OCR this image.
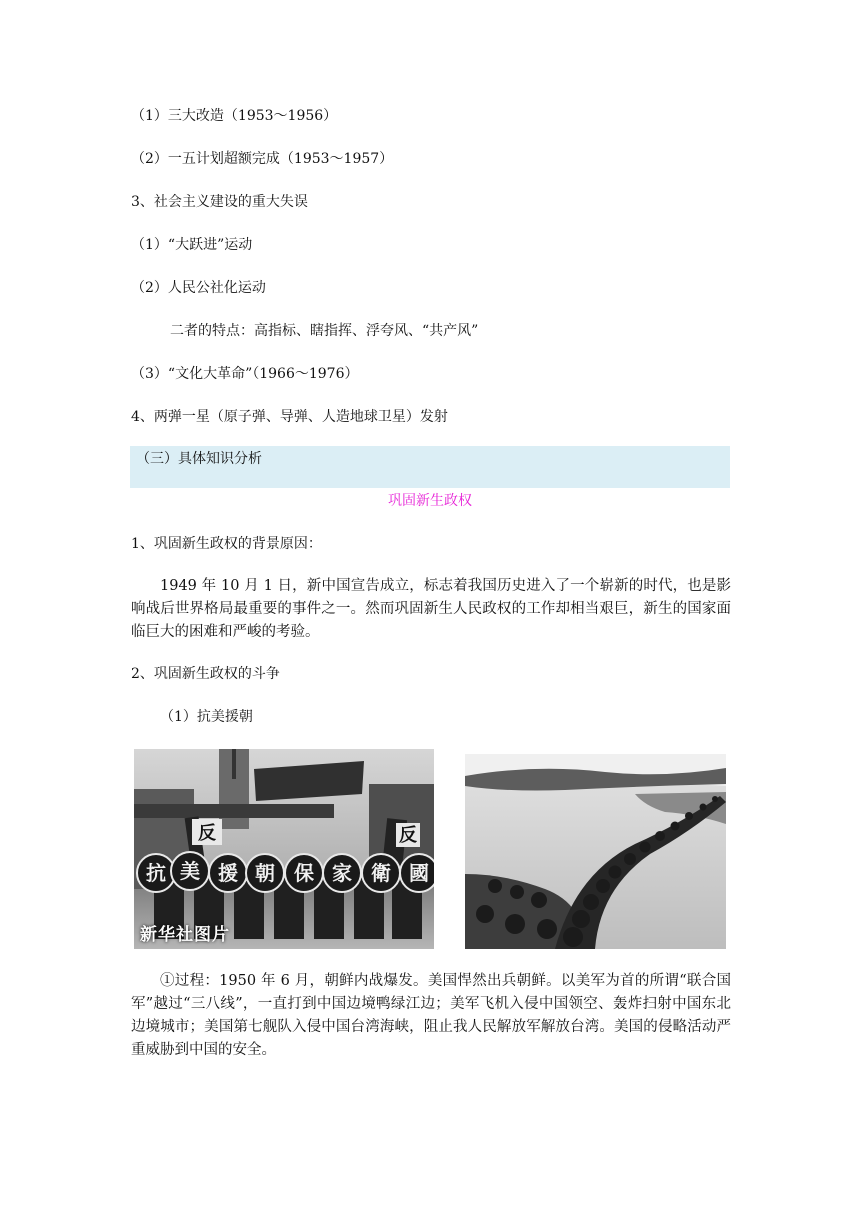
（1）三大改造（1953～1956）
（2）一五计划超额完成（1953～1957）
3、社会主义建设的重大失误
（1）“大跃进”运动
（2）人民公社化运动
二者的特点：高指标、瞎指挥、浮夸风、“共产风”
（3）“文化大革命”（1966～1976）
4、两弹一星（原子弹、导弹、人造地球卫星）发射
（三）具体知识分析
巩固新生政权
1、巩固新生政权的背景原因：
1949 年 10 月 1 日，新中国宣告成立，标志着我国历史进入了一个崭新的时代，也是影响战后世界格局最重要的事件之一。然而巩固新生人民政权的工作却相当艰巨，新生的国家面临巨大的困难和严峻的考验。
2、巩固新生政权的斗争
（1）抗美援朝
抗 美 援 朝 保 家 衛 國
反	反
新华社图片
①过程：1950 年 6 月，朝鲜内战爆发。美国悍然出兵朝鲜。以美军为首的所谓“联合国军”越过“三八线”，一直打到中国边境鸭绿江边；美军飞机入侵中国领空、轰炸扫射中国东北边境城市；美国第七舰队入侵中国台湾海峡，阻止我人民解放军解放台湾。美国的侵略活动严重威胁到中国的安全。
